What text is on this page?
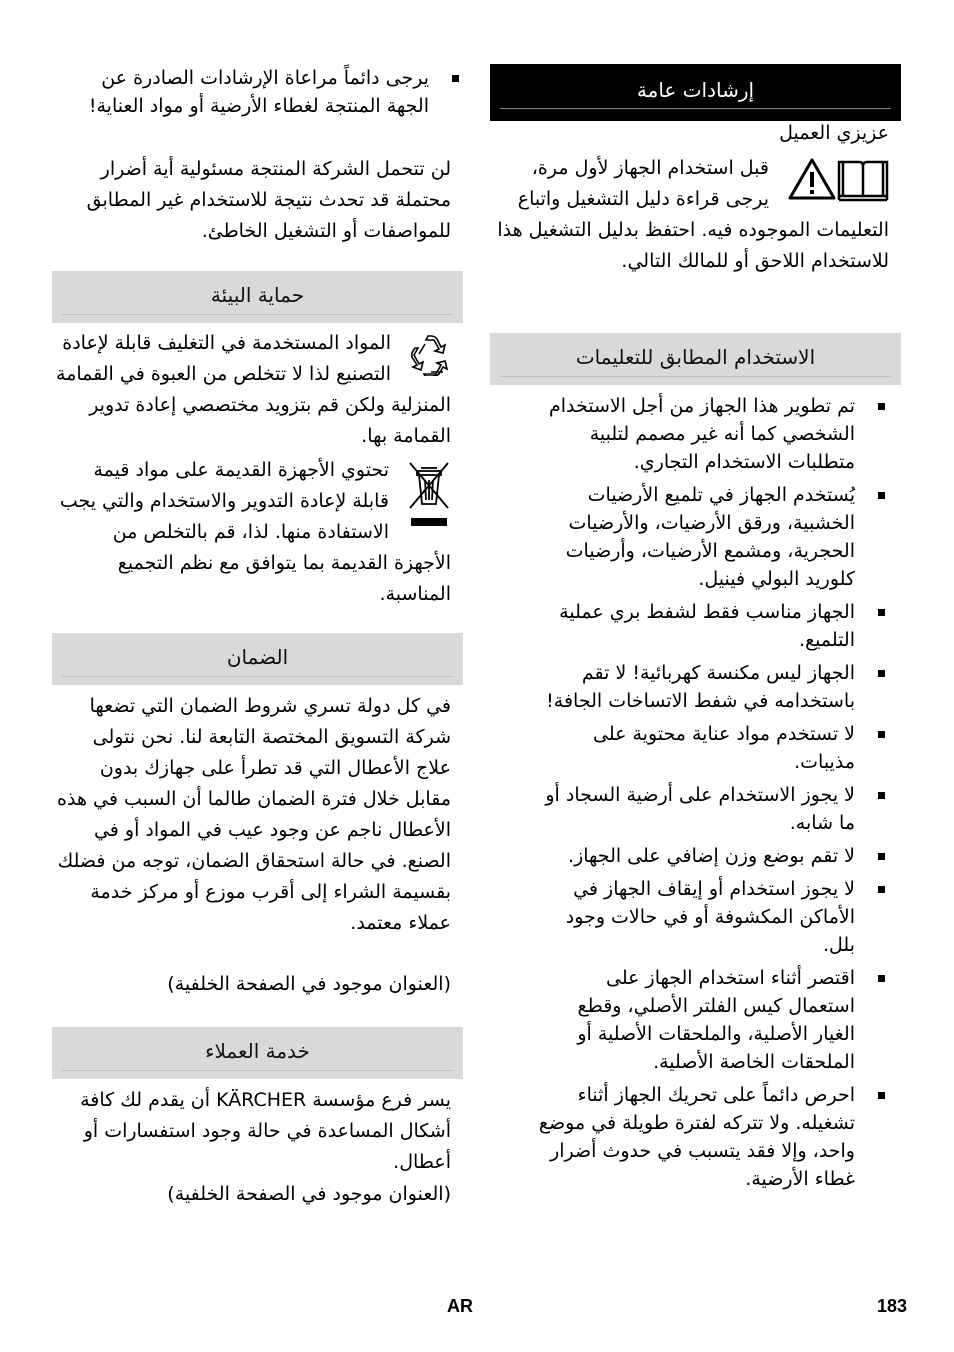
إرشادات عامة
عزيزي العميل
قبل استخدام الجهاز لأول مرة، يرجى قراءة دليل التشغيل واتباع التعليمات الموجوده فيه. احتفظ بدليل التشغيل هذا للاستخدام اللاحق أو للمالك التالي.
الاستخدام المطابق للتعليمات
تم تطوير هذا الجهاز من أجل الاستخدام الشخصي كما أنه غير مصمم لتلبية متطلبات الاستخدام التجاري.
يُستخدم الجهاز في تلميع الأرضيات الخشبية، ورقق الأرضيات، والأرضيات الحجرية، ومشمع الأرضيات، وأرضيات كلوريد البولي فينيل.
الجهاز مناسب فقط لشفط بري عملية التلميع.
الجهاز ليس مكنسة كهربائية! لا تقم باستخدامه في شفط الاتساخات الجافة!
لا تستخدم مواد عناية محتوية على مذيبات.
لا يجوز الاستخدام على أرضية السجاد أو ما شابه.
لا تقم بوضع وزن إضافي على الجهاز.
لا يجوز استخدام أو إيقاف الجهاز في الأماكن المكشوفة أو في حالات وجود بلل.
اقتصر أثناء استخدام الجهاز على استعمال كيس الفلتر الأصلي، وقطع الغيار الأصلية، والملحقات الأصلية أو الملحقات الخاصة الأصلية.
احرص دائماً على تحريك الجهاز أثناء تشغيله. ولا تتركه لفترة طويلة في موضع واحد، وإلا فقد يتسبب في حدوث أضرار غطاء الأرضية.
يرجى دائماً مراعاة الإرشادات الصادرة عن الجهة المنتجة لغطاء الأرضية أو مواد العناية!
لن تتحمل الشركة المنتجة مسئولية أية أضرار محتملة قد تحدث نتيجة للاستخدام غير المطابق للمواصفات أو التشغيل الخاطئ.
حماية البيئة
المواد المستخدمة في التغليف قابلة لإعادة التصنيع لذا لا تتخلص من العبوة في القمامة المنزلية ولكن قم بتزويد مختصصي إعادة تدوير القمامة بها.
تحتوي الأجهزة القديمة على مواد قيمة قابلة لإعادة التدوير والاستخدام والتي يجب الاستفادة منها. لذا، قم بالتخلص من الأجهزة القديمة بما يتوافق مع نظم التجميع المناسبة.
الضمان
في كل دولة تسري شروط الضمان التي تضعها شركة التسويق المختصة التابعة لنا. نحن نتولى علاج الأعطال التي قد تطرأ على جهازك بدون مقابل خلال فترة الضمان طالما أن السبب في هذه الأعطال ناجم عن وجود عيب في المواد أو في الصنع. في حالة استحقاق الضمان، توجه من فضلك بقسيمة الشراء إلى أقرب موزع أو مركز خدمة عملاء معتمد.
(العنوان موجود في الصفحة الخلفية)
خدمة العملاء
يسر فرع مؤسسة KÄRCHER أن يقدم لك كافة أشكال المساعدة في حالة وجود استفسارات أو أعطال.
(العنوان موجود في الصفحة الخلفية)
AR	183
